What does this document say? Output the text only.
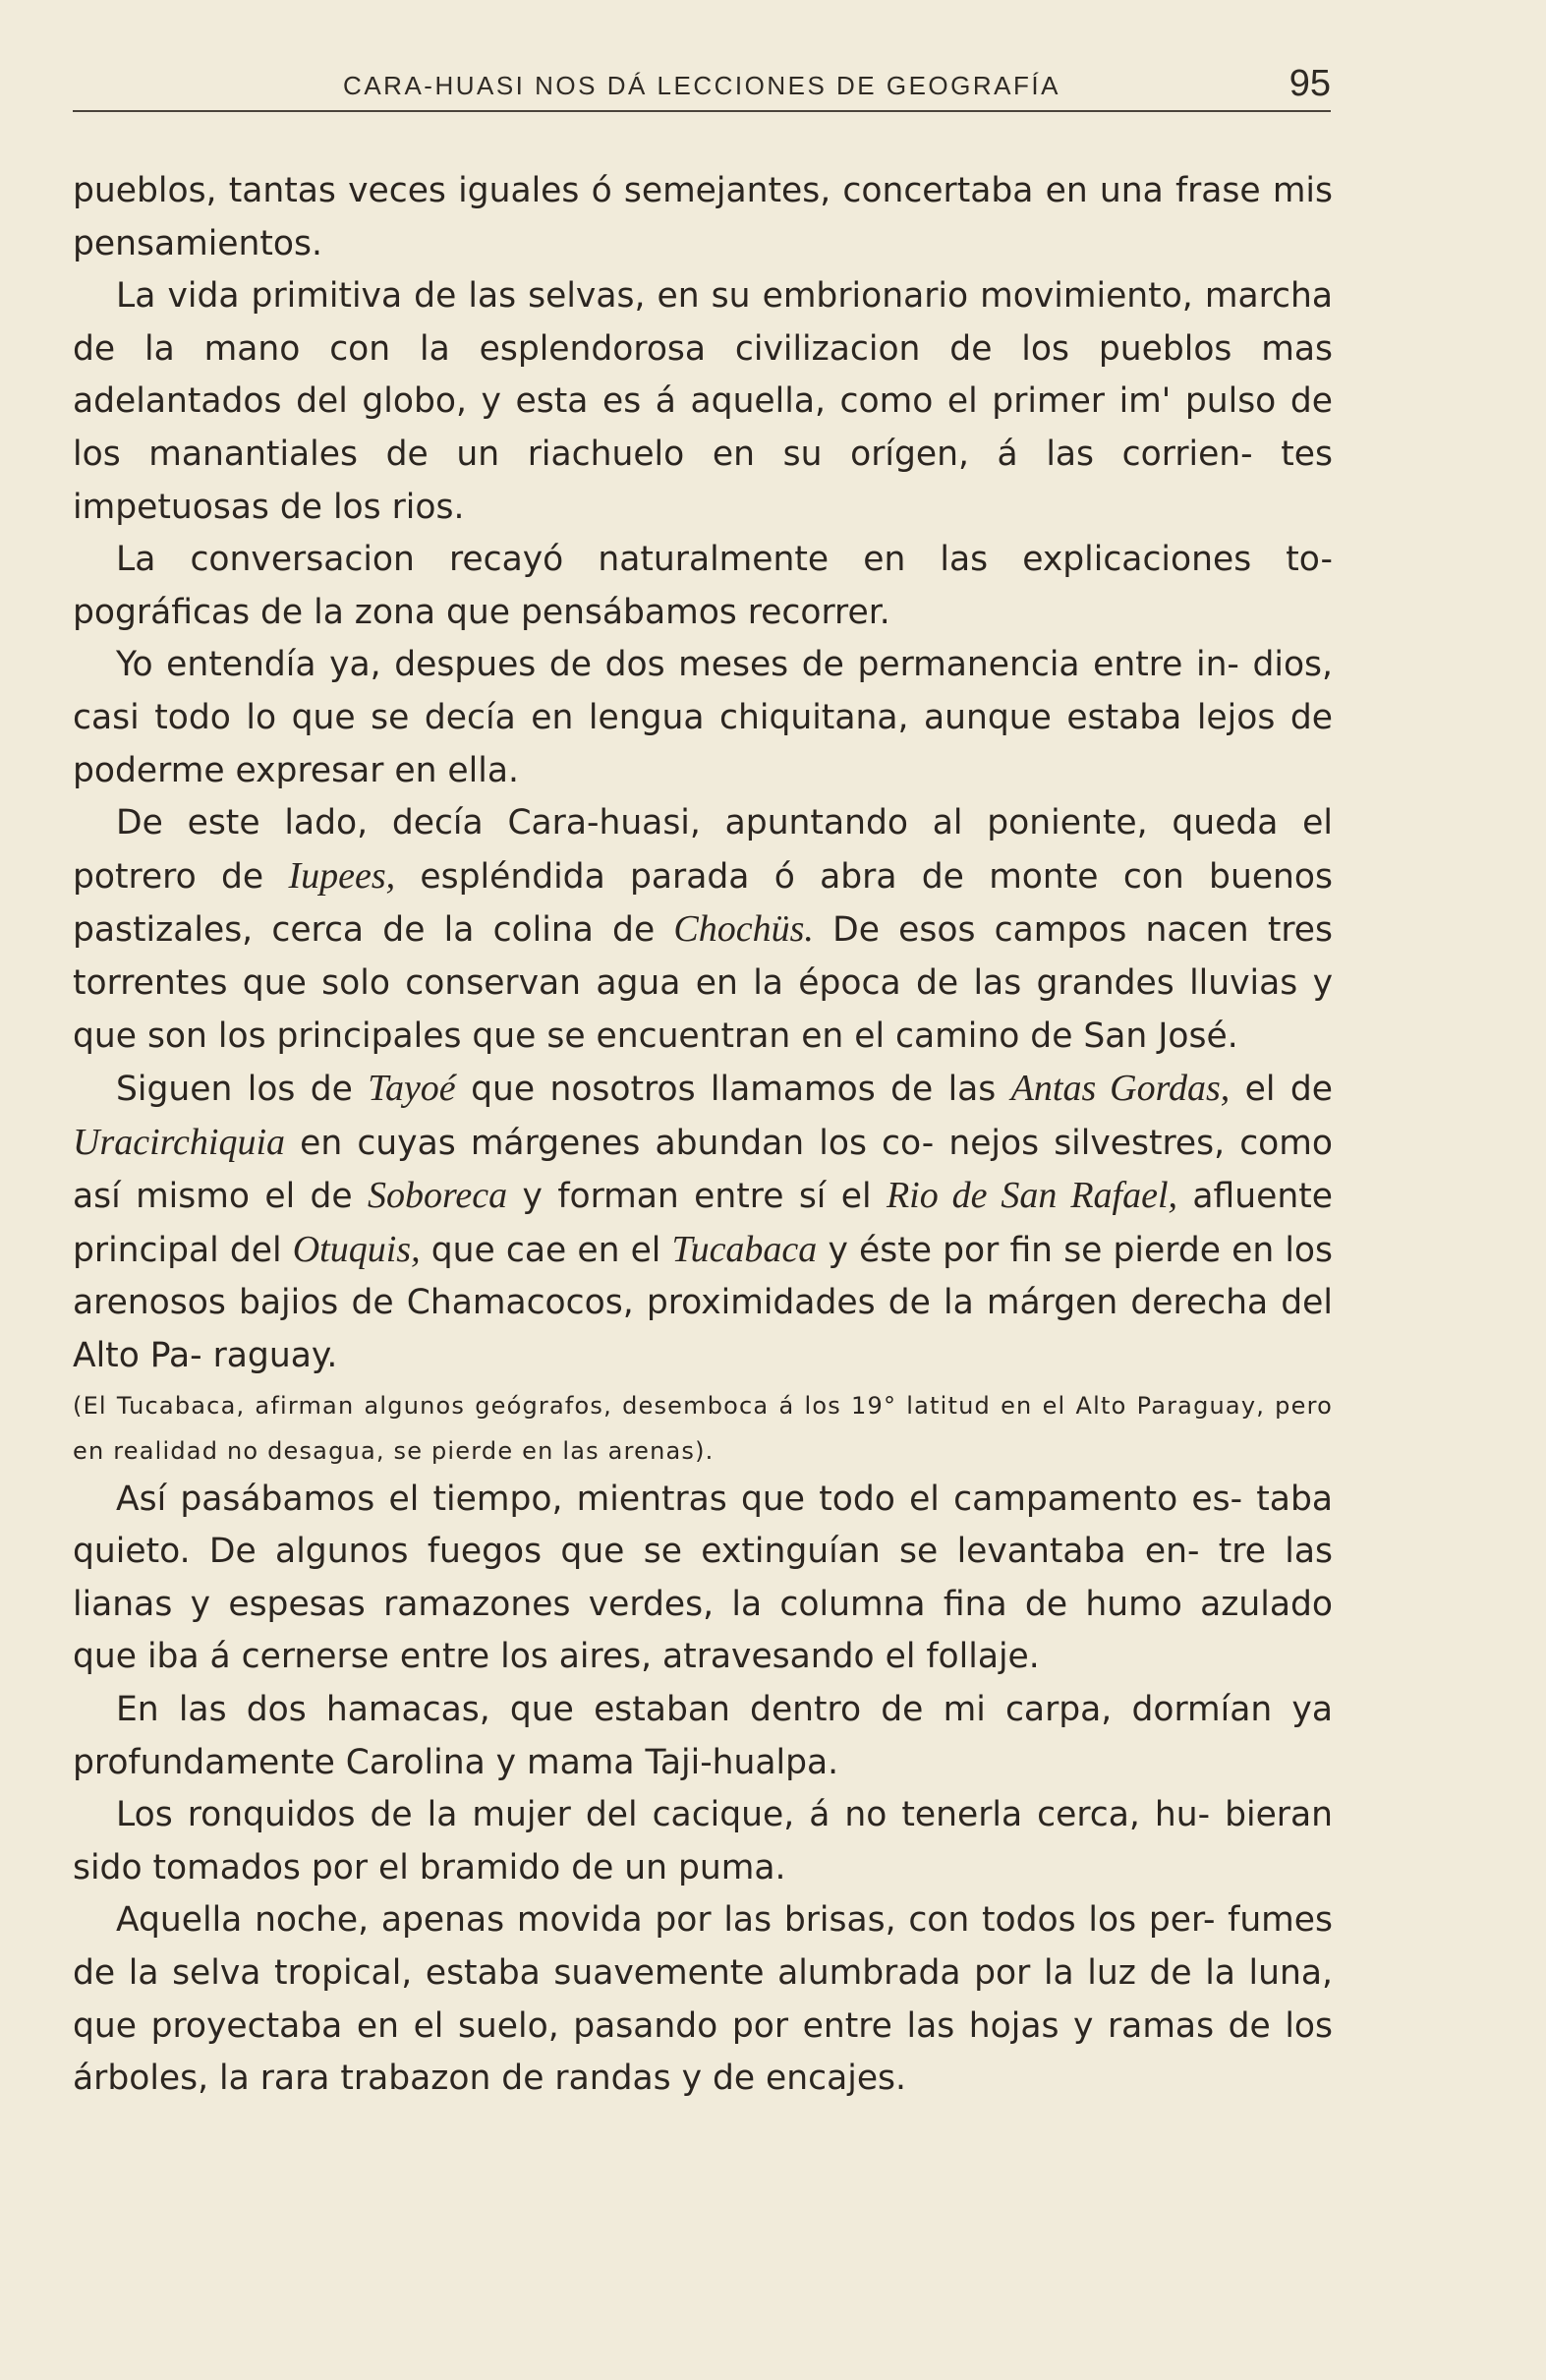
CARA-HUASI NOS DÁ LECCIONES DE GEOGRAFÍA	95

pueblos, tantas veces iguales ó semejantes, concertaba en una frase mis pensamientos.

La vida primitiva de las selvas, en su embrionario movimiento, marcha de la mano con la esplendorosa civilizacion de los pueblos mas adelantados del globo, y esta es á aquella, como el primer im' pulso de los manantiales de un riachuelo en su orígen, á las corrien- tes impetuosas de los rios.

La conversacion recayó naturalmente en las explicaciones to- pográficas de la zona que pensábamos recorrer.

Yo entendía ya, despues de dos meses de permanencia entre in- dios, casi todo lo que se decía en lengua chiquitana, aunque estaba lejos de poderme expresar en ella.

De este lado, decía Cara-huasi, apuntando al poniente, queda el potrero de Iupees, espléndida parada ó abra de monte con buenos pastizales, cerca de la colina de Chochüs. De esos campos nacen tres torrentes que solo conservan agua en la época de las grandes lluvias y que son los principales que se encuentran en el camino de San José.

Siguen los de Tayoé que nosotros llamamos de las Antas Gordas, el de Uracirchiquia en cuyas márgenes abundan los co- nejos silvestres, como así mismo el de Soboreca y forman entre sí el Rio de San Rafael, afluente principal del Otuquis, que cae en el Tucabaca y éste por fin se pierde en los arenosos bajios de Chamacocos, proximidades de la márgen derecha del Alto Pa- raguay.

(El Tucabaca, afirman algunos geógrafos, desemboca á los 19° latitud en el Alto Paraguay, pero en realidad no desagua, se pierde en las arenas).

Así pasábamos el tiempo, mientras que todo el campamento es- taba quieto. De algunos fuegos que se extinguían se levantaba en- tre las lianas y espesas ramazones verdes, la columna fina de humo azulado que iba á cernerse entre los aires, atravesando el follaje.

En las dos hamacas, que estaban dentro de mi carpa, dormían ya profundamente Carolina y mama Taji-hualpa.

Los ronquidos de la mujer del cacique, á no tenerla cerca, hu- bieran sido tomados por el bramido de un puma.

Aquella noche, apenas movida por las brisas, con todos los per- fumes de la selva tropical, estaba suavemente alumbrada por la luz de la luna, que proyectaba en el suelo, pasando por entre las hojas y ramas de los árboles, la rara trabazon de randas y de encajes.
